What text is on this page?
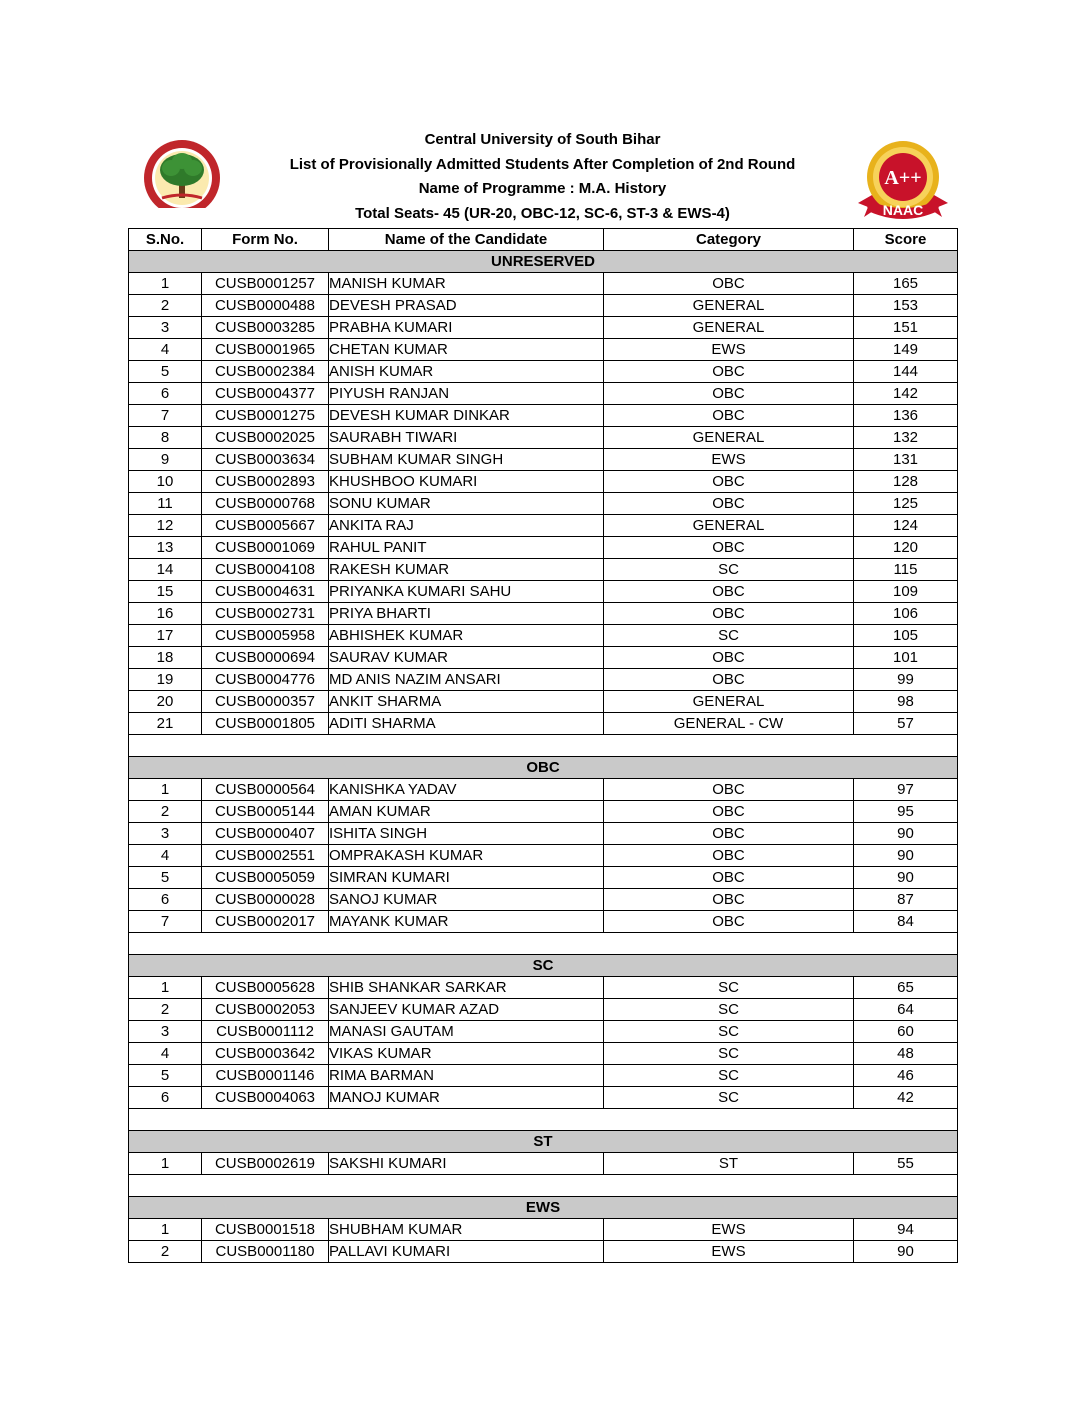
A++
NAAC
Central University of South Bihar
List of Provisionally Admitted Students After Completion of 2nd Round
Name of Programme : M.A. History
Total Seats- 45 (UR-20, OBC-12, SC-6, ST-3 & EWS-4)
S.No.	Form No.	Name of the Candidate	Category	Score
UNRESERVED				
1	CUSB0001257	MANISH KUMAR	OBC	165
2	CUSB0000488	DEVESH PRASAD	GENERAL	153
3	CUSB0003285	PRABHA KUMARI	GENERAL	151
4	CUSB0001965	CHETAN KUMAR	EWS	149
5	CUSB0002384	ANISH KUMAR	OBC	144
6	CUSB0004377	PIYUSH RANJAN	OBC	142
7	CUSB0001275	DEVESH KUMAR DINKAR	OBC	136
8	CUSB0002025	SAURABH TIWARI	GENERAL	132
9	CUSB0003634	SUBHAM KUMAR SINGH	EWS	131
10	CUSB0002893	KHUSHBOO KUMARI	OBC	128
11	CUSB0000768	SONU KUMAR	OBC	125
12	CUSB0005667	ANKITA RAJ	GENERAL	124
13	CUSB0001069	RAHUL PANIT	OBC	120
14	CUSB0004108	RAKESH KUMAR	SC	115
15	CUSB0004631	PRIYANKA KUMARI SAHU	OBC	109
16	CUSB0002731	PRIYA BHARTI	OBC	106
17	CUSB0005958	ABHISHEK KUMAR	SC	105
18	CUSB0000694	SAURAV KUMAR	OBC	101
19	CUSB0004776	MD ANIS NAZIM ANSARI	OBC	99
20	CUSB0000357	ANKIT SHARMA	GENERAL	98
21	CUSB0001805	ADITI SHARMA	GENERAL - CW	57

OBC				
1	CUSB0000564	KANISHKA YADAV	OBC	97
2	CUSB0005144	AMAN KUMAR	OBC	95
3	CUSB0000407	ISHITA SINGH	OBC	90
4	CUSB0002551	OMPRAKASH KUMAR	OBC	90
5	CUSB0005059	SIMRAN KUMARI	OBC	90
6	CUSB0000028	SANOJ KUMAR	OBC	87
7	CUSB0002017	MAYANK KUMAR	OBC	84

SC				
1	CUSB0005628	SHIB SHANKAR SARKAR	SC	65
2	CUSB0002053	SANJEEV KUMAR AZAD	SC	64
3	CUSB0001112	MANASI GAUTAM	SC	60
4	CUSB0003642	VIKAS KUMAR	SC	48
5	CUSB0001146	RIMA BARMAN	SC	46
6	CUSB0004063	MANOJ KUMAR	SC	42

ST				
1	CUSB0002619	SAKSHI KUMARI	ST	55

EWS				
1	CUSB0001518	SHUBHAM KUMAR	EWS	94
2	CUSB0001180	PALLAVI KUMARI	EWS	90
